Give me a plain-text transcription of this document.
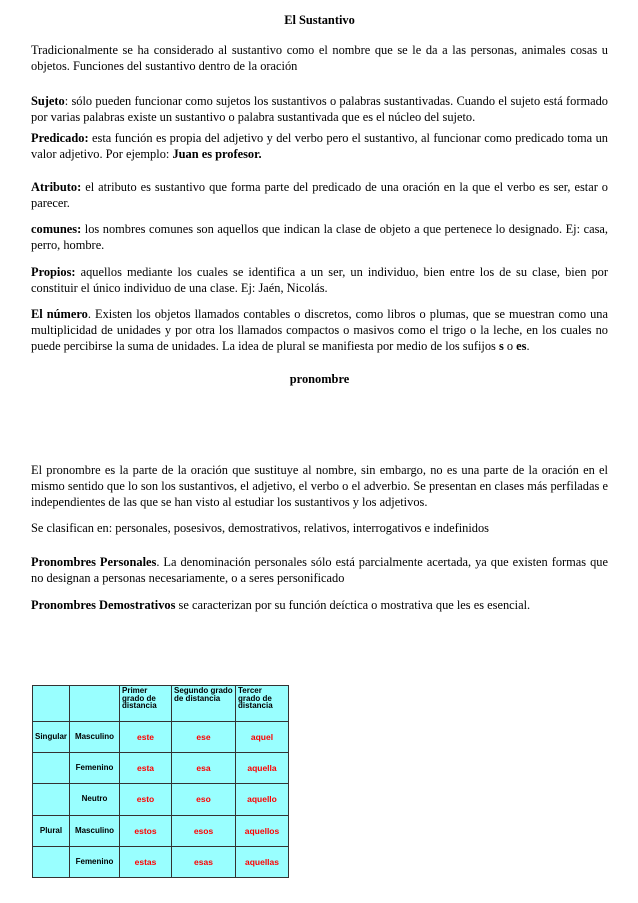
El Sustantivo

Tradicionalmente se ha considerado al sustantivo como el nombre que se le da a las personas, animales cosas u objetos. Funciones del sustantivo dentro de la oración

Sujeto: sólo pueden funcionar como sujetos los sustantivos o palabras sustantivadas. Cuando el sujeto está formado por varias palabras existe un sustantivo o palabra sustantivada que es el núcleo del sujeto.

Predicado: esta función es propia del adjetivo y del verbo pero el sustantivo, al funcionar como predicado toma un valor adjetivo. Por ejemplo: Juan es profesor.

Atributo: el atributo es sustantivo que forma parte del predicado de una oración en la que el verbo es ser, estar o parecer.

comunes: los nombres comunes son aquellos que indican la clase de objeto a que pertenece lo designado. Ej: casa, perro, hombre.

Propios: aquellos mediante los cuales se identifica a un ser, un individuo, bien entre los de su clase, bien por constituir el único individuo de una clase. Ej: Jaén, Nicolás.

El número. Existen los objetos llamados contables o discretos, como libros o plumas, que se muestran como una multiplicidad de unidades y por otra los llamados compactos o masivos como el trigo o la leche, en los cuales no puede percibirse la suma de unidades. La idea de plural se manifiesta por medio de los sufijos s o es.

pronombre

El pronombre es la parte de la oración que sustituye al nombre, sin embargo, no es una parte de la oración en el mismo sentido que lo son los sustantivos, el adjetivo, el verbo o el adverbio. Se presentan en clases más perfiladas e independientes de las que se han visto al estudiar los sustantivos y los adjetivos.

Se clasifican en: personales, posesivos, demostrativos, relativos, interrogativos e indefinidos

Pronombres Personales. La denominación personales sólo está parcialmente acertada, ya que existen formas que no designan a personas necesariamente, o a seres personificado

Pronombres Demostrativos se caracterizan por su función deíctica o mostrativa que les es esencial.

		Primer grado de distancia	Segundo grado de distancia	Tercer grado de distancia
Singular	Masculino	este	ese	aquel
	Femenino	esta	esa	aquella
	Neutro	esto	eso	aquello
Plural	Masculino	estos	esos	aquellos
	Femenino	estas	esas	aquellas
